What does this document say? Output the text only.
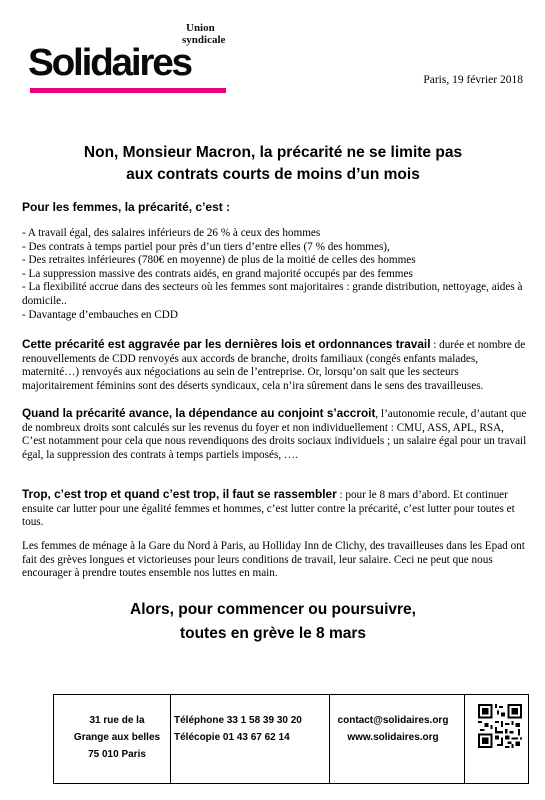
Union
syndicale
Solidaires	Paris, 19 février 2018
Non, Monsieur Macron, la précarité ne se limite pas
aux contrats courts de moins d’un mois
Pour les femmes, la précarité, c’est :
- A travail égal, des salaires inférieurs de 26 % à ceux des hommes
- Des contrats à temps partiel pour près d’un tiers d’entre elles (7 % des hommes),
- Des retraites inférieures (780€ en moyenne) de plus de la moitié de celles des hommes
- La suppression massive des contrats aidés, en grand majorité occupés par des femmes
- La flexibilité accrue dans des secteurs où les femmes sont majoritaires : grande distribution, nettoyage, aides à domicile..
- Davantage d’embauches en CDD
Cette précarité est aggravée par les dernières lois et ordonnances travail : durée et nombre de renouvellements de CDD renvoyés aux accords de branche, droits familiaux (congés enfants malades, maternité…) renvoyés aux négociations au sein de l’entreprise. Or, lorsqu’on sait que les secteurs majoritairement féminins sont des déserts syndicaux, cela n’ira sûrement dans le sens des travailleuses.
Quand la précarité avance, la dépendance au conjoint s’accroit, l’autonomie recule, d’autant que de nombreux droits sont calculés sur les revenus du foyer et non individuellement : CMU, ASS, APL, RSA,
C’est notamment pour cela que nous revendiquons des droits sociaux individuels ; un salaire égal pour un travail égal, la suppression des contrats à temps partiels imposés, ….
Trop, c’est trop et quand c’est trop, il faut se rassembler : pour le 8 mars d’abord. Et continuer ensuite car lutter pour une égalité femmes et hommes, c’est lutter contre la précarité, c’est lutter pour toutes et tous.
Les femmes de ménage à la Gare du Nord à Paris, au Holliday Inn de Clichy, des travailleuses dans les Epad ont fait des grèves longues et victorieuses pour leurs conditions de travail, leur salaire. Ceci ne peut que nous encourager à prendre toutes ensemble nos luttes en main.
Alors, pour commencer ou poursuivre,
toutes en grève le 8 mars
31 rue de la
Grange aux belles
75 010 Paris
Téléphone 33 1 58 39 30 20
Télécopie 01 43 67 62 14
contact@solidaires.org
www.solidaires.org
